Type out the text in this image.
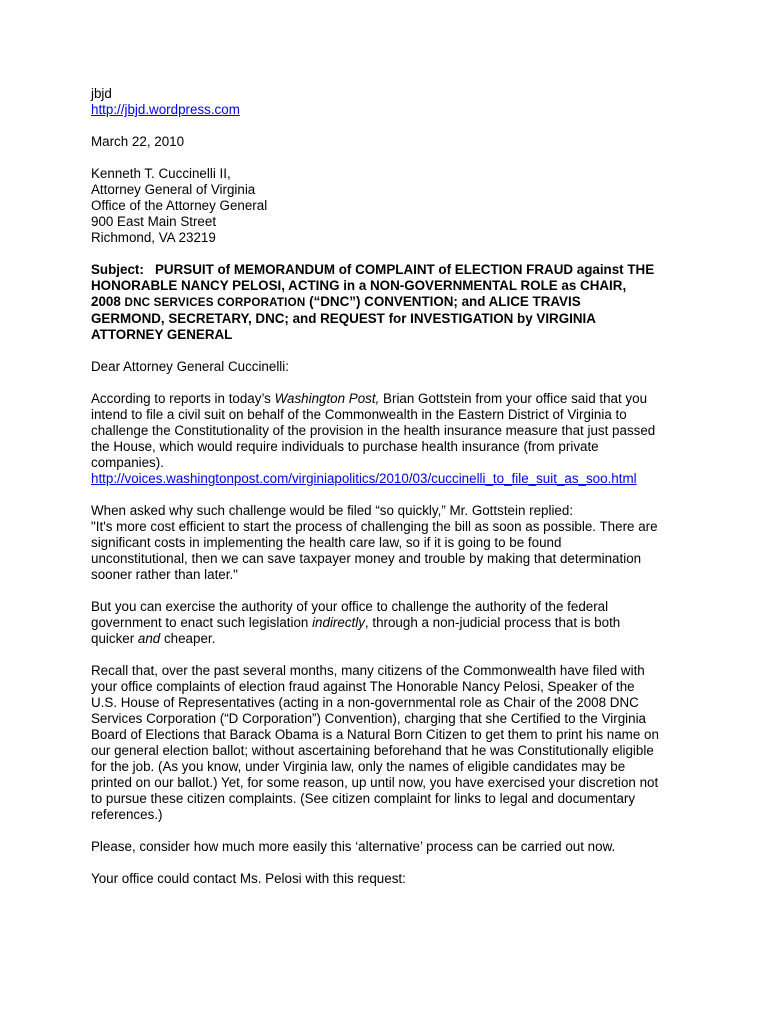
jbjd
http://jbjd.wordpress.com
March 22, 2010
Kenneth T. Cuccinelli II,
Attorney General of Virginia
Office of the Attorney General
900 East Main Street
Richmond, VA 23219
Subject: PURSUIT of MEMORANDUM of COMPLAINT of ELECTION FRAUD against THE
HONORABLE NANCY PELOSI, ACTING in a NON-GOVERNMENTAL ROLE as CHAIR,
2008 DNC SERVICES CORPORATION (“DNC”) CONVENTION; and ALICE TRAVIS
GERMOND, SECRETARY, DNC; and REQUEST for INVESTIGATION by VIRGINIA
ATTORNEY GENERAL
Dear Attorney General Cuccinelli:
According to reports in today’s Washington Post, Brian Gottstein from your office said that you
intend to file a civil suit on behalf of the Commonwealth in the Eastern District of Virginia to
challenge the Constitutionality of the provision in the health insurance measure that just passed
the House, which would require individuals to purchase health insurance (from private
companies).
http://voices.washingtonpost.com/virginiapolitics/2010/03/cuccinelli_to_file_suit_as_soo.html
When asked why such challenge would be filed “so quickly,” Mr. Gottstein replied:
"It's more cost efficient to start the process of challenging the bill as soon as possible. There are
significant costs in implementing the health care law, so if it is going to be found
unconstitutional, then we can save taxpayer money and trouble by making that determination
sooner rather than later."
But you can exercise the authority of your office to challenge the authority of the federal
government to enact such legislation indirectly, through a non-judicial process that is both
quicker and cheaper.
Recall that, over the past several months, many citizens of the Commonwealth have filed with
your office complaints of election fraud against The Honorable Nancy Pelosi, Speaker of the
U.S. House of Representatives (acting in a non-governmental role as Chair of the 2008 DNC
Services Corporation (“D Corporation”) Convention), charging that she Certified to the Virginia
Board of Elections that Barack Obama is a Natural Born Citizen to get them to print his name on
our general election ballot; without ascertaining beforehand that he was Constitutionally eligible
for the job. (As you know, under Virginia law, only the names of eligible candidates may be
printed on our ballot.) Yet, for some reason, up until now, you have exercised your discretion not
to pursue these citizen complaints. (See citizen complaint for links to legal and documentary
references.)
Please, consider how much more easily this ‘alternative’ process can be carried out now.
Your office could contact Ms. Pelosi with this request:
